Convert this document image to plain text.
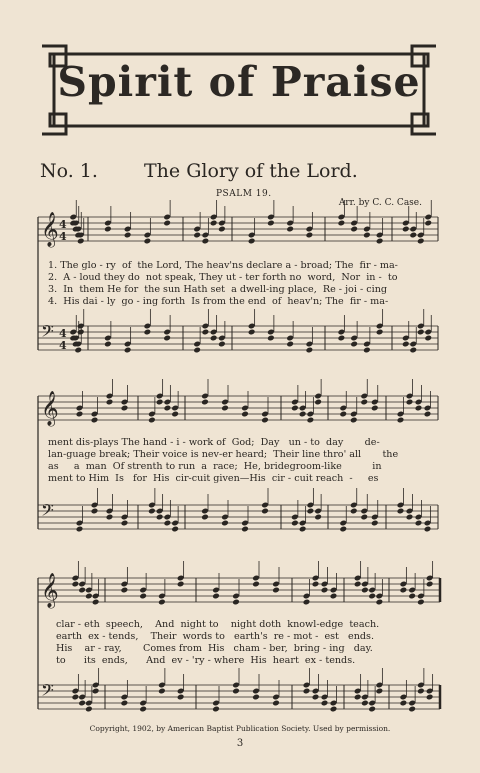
Spirit of Praise
No. 1. The Glory of the Lord.
PSALM 19.
Arr. by C. C. Case.
𝄞 4
4
𝄢 4
4
𝄞
𝄢
𝄞
𝄢
1. The glo - ry  of  the Lord, The heav'ns declare a - broad; The  fir - ma-
2.  A - loud they do  not speak, They ut - ter forth no  word,  Nor  in -  to
3.  In  them He for  the sun Hath set  a dwell-ing place,  Re - joi - cing
4.  His dai - ly  go - ing forth  Is from the end  of  heav'n; The  fir - ma-
ment dis-plays The hand - i - work of  God;  Day   un - to  day       de-
lan-guage break; Their voice is nev-er heard;  Their line thro' all       the
as     a  man  Of strenth to run  a  race;  He, bridegroom-like          in
ment to Him  Is   for  His  cir-cuit given—His  cir - cuit reach  -     es
clar - eth  speech,    And  night to    night doth  knowl-edge  teach.
earth  ex - tends,    Their  words to   earth's  re - mot -  est   ends.
His    ar - ray,       Comes from  His   cham - ber,  bring - ing   day.
to      its  ends,      And  ev - 'ry - where  His  heart  ex - tends.
Copyright, 1902, by American Baptist Publication Society. Used by permission.
3
